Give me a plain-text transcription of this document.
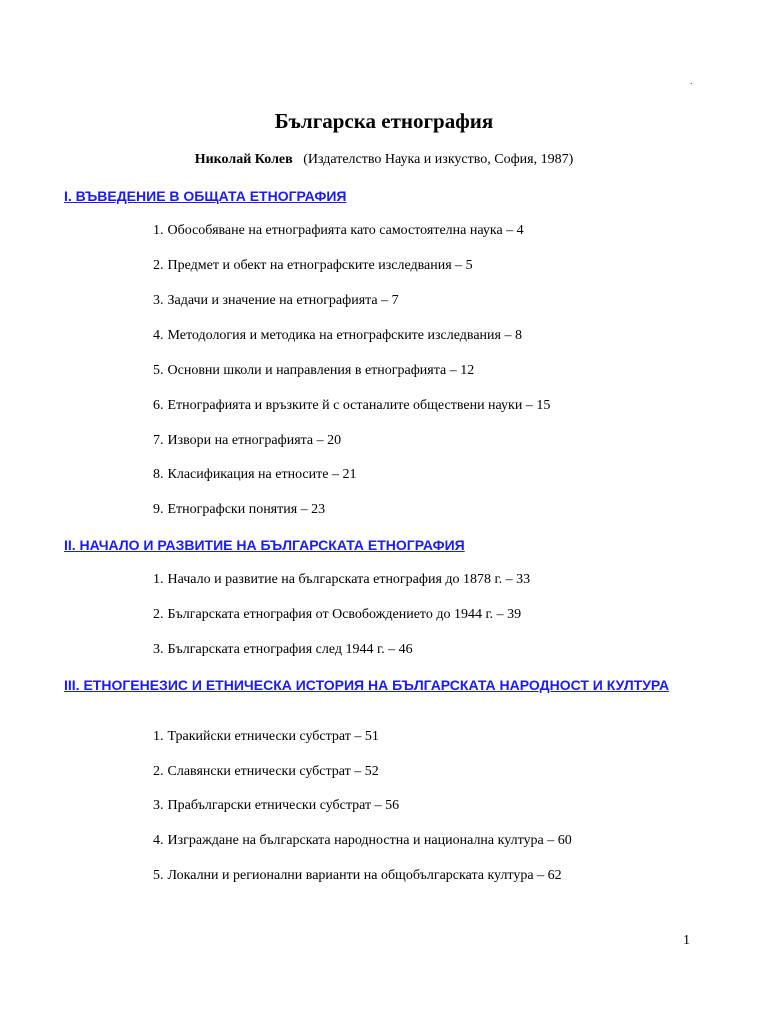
.
Българска етнография
Николай Колев (Издателство Наука и изкуство, София, 1987)
I. ВЪВЕДЕНИЕ В ОБЩАТА ЕТНОГРАФИЯ
1. Обособяване на етнографията като самостоятелна наука – 4
2. Предмет и обект на етнографските изследвания – 5
3. Задачи и значение на етнографията – 7
4. Методология и методика на етнографските изследвания – 8
5. Основни школи и направления в етнографията – 12
6. Етнографията и връзките й с останалите обществени науки – 15
7. Извори на етнографията – 20
8. Класификация на етносите – 21
9. Етнографски понятия – 23
II. НАЧАЛО И РАЗВИТИЕ НА БЪЛГАРСКАТА ЕТНОГРАФИЯ
1. Начало и развитие на българската етнография до 1878 г. – 33
2. Българската етнография от Освобождението до 1944 г. – 39
3. Българската етнография след 1944 г. – 46
III. ЕТНОГЕНЕЗИС И ЕТНИЧЕСКА ИСТОРИЯ НА БЪЛГАРСКАТА НАРОДНОСТ И КУЛТУРА
1. Тракийски етнически субстрат – 51
2. Славянски етнически субстрат – 52
3. Прабългарски етнически субстрат – 56
4. Изграждане на българската народностна и национална култура – 60
5. Локални и регионални варианти на общобългарската култура – 62
1
